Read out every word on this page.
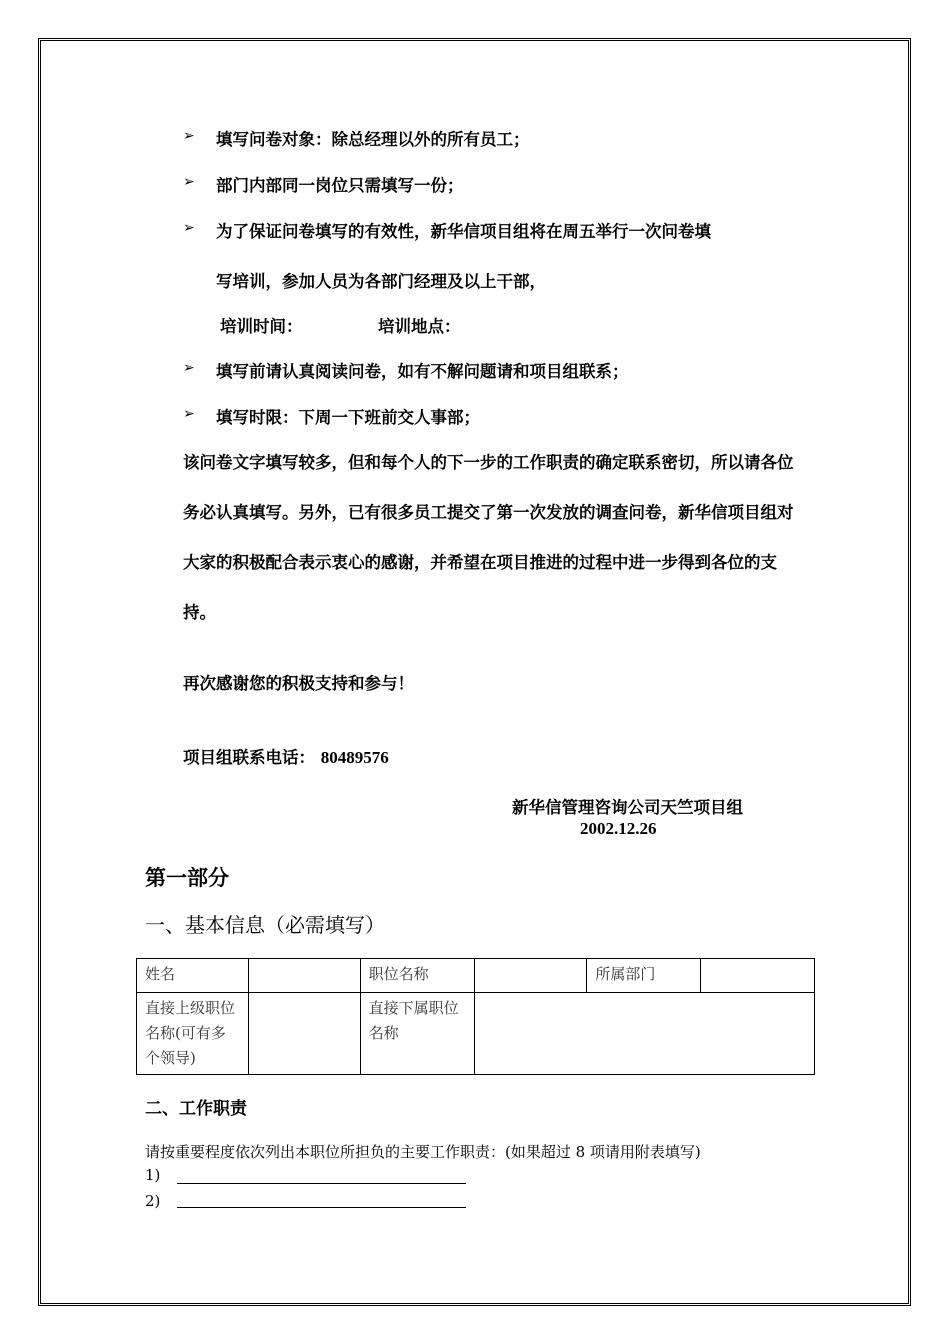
➢ 填写问卷对象：除总经理以外的所有员工；
➢ 部门内部同一岗位只需填写一份；
➢ 为了保证问卷填写的有效性，新华信项目组将在周五举行一次问卷填
写培训，参加人员为各部门经理及以上干部，
培训时间：	培训地点：
➢ 填写前请认真阅读问卷，如有不解问题请和项目组联系；
➢ 填写时限：下周一下班前交人事部；
该问卷文字填写较多，但和每个人的下一步的工作职责的确定联系密切，所以请各位务必认真填写。另外，已有很多员工提交了第一次发放的调查问卷，新华信项目组对大家的积极配合表示衷心的感谢，并希望在项目推进的过程中进一步得到各位的支持。
再次感谢您的积极支持和参与！
项目组联系电话： 80489576
新华信管理咨询公司天竺项目组
2002.12.26
第一部分
一、基本信息（必需填写）
姓名		职位名称		所属部门	
直接上级职位名称(可有多个领导)		直接下属职位名称			
二、工作职责
请按重要程度依次列出本职位所担负的主要工作职责：(如果超过 8 项请用附表填写)
1)
2)
